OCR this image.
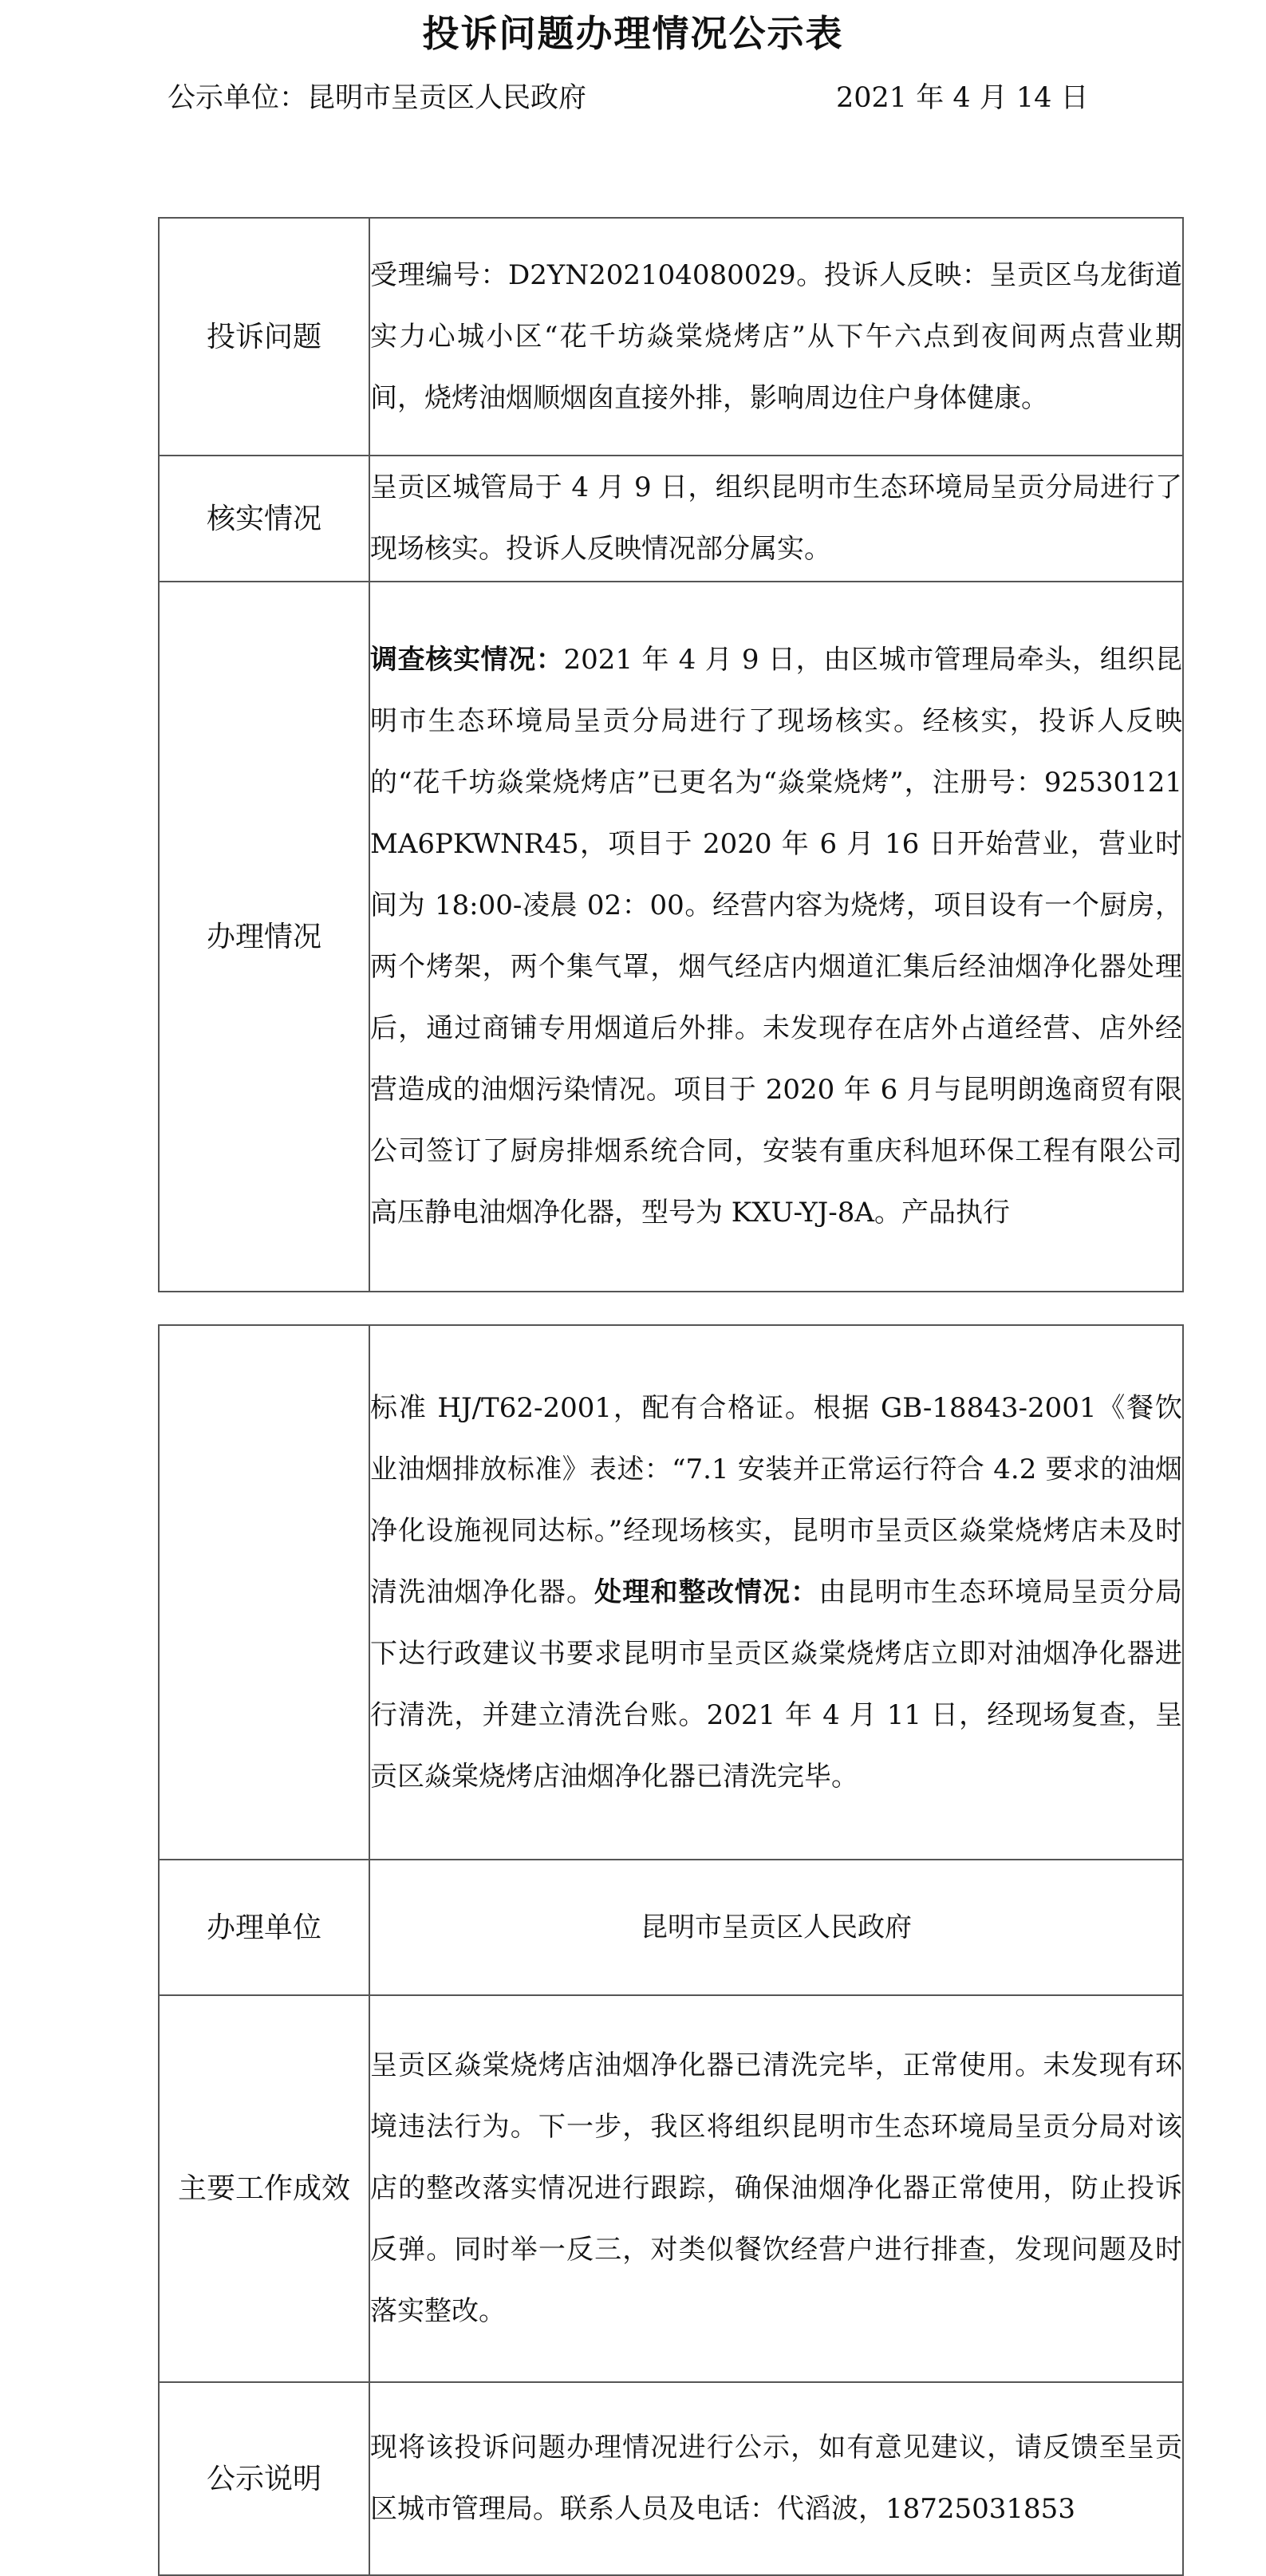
投诉问题办理情况公示表
公示单位：昆明市呈贡区人民政府	2021 年 4 月 14 日
投诉问题	受理编号：D2YN202104080029。投诉人反映：呈贡区乌龙街道实力心城小区“花千坊焱棠烧烤店”从下午六点到夜间两点营业期间，烧烤油烟顺烟囱直接外排，影响周边住户身体健康。
核实情况	呈贡区城管局于 4 月 9 日，组织昆明市生态环境局呈贡分局进行了现场核实。投诉人反映情况部分属实。
办理情况	调查核实情况：2021 年 4 月 9 日，由区城市管理局牵头，组织昆明市生态环境局呈贡分局进行了现场核实。经核实，投诉人反映的“花千坊焱棠烧烤店”已更名为“焱棠烧烤”，注册号：92530121MA6PKWNR45，项目于 2020 年 6 月 16 日开始营业，营业时间为 18:00-凌晨 02：00。经营内容为烧烤，项目设有一个厨房，两个烤架，两个集气罩，烟气经店内烟道汇集后经油烟净化器处理后，通过商铺专用烟道后外排。未发现存在店外占道经营、店外经营造成的油烟污染情况。项目于 2020 年 6 月与昆明朗逸商贸有限公司签订了厨房排烟系统合同，安装有重庆科旭环保工程有限公司高压静电油烟净化器，型号为 KXU-YJ-8A。产品执行
	标准 HJ/T62-2001，配有合格证。根据 GB-18843-2001《餐饮业油烟排放标准》表述：“7.1 安装并正常运行符合 4.2 要求的油烟净化设施视同达标。”经现场核实，昆明市呈贡区焱棠烧烤店未及时清洗油烟净化器。处理和整改情况：由昆明市生态环境局呈贡分局下达行政建议书要求昆明市呈贡区焱棠烧烤店立即对油烟净化器进行清洗，并建立清洗台账。2021 年 4 月 11 日，经现场复查，呈贡区焱棠烧烤店油烟净化器已清洗完毕。
办理单位	昆明市呈贡区人民政府
主要工作成效	呈贡区焱棠烧烤店油烟净化器已清洗完毕，正常使用。未发现有环境违法行为。下一步，我区将组织昆明市生态环境局呈贡分局对该店的整改落实情况进行跟踪，确保油烟净化器正常使用，防止投诉反弹。同时举一反三，对类似餐饮经营户进行排查，发现问题及时落实整改。
公示说明	现将该投诉问题办理情况进行公示，如有意见建议，请反馈至呈贡区城市管理局。联系人员及电话：代滔波，18725031853
